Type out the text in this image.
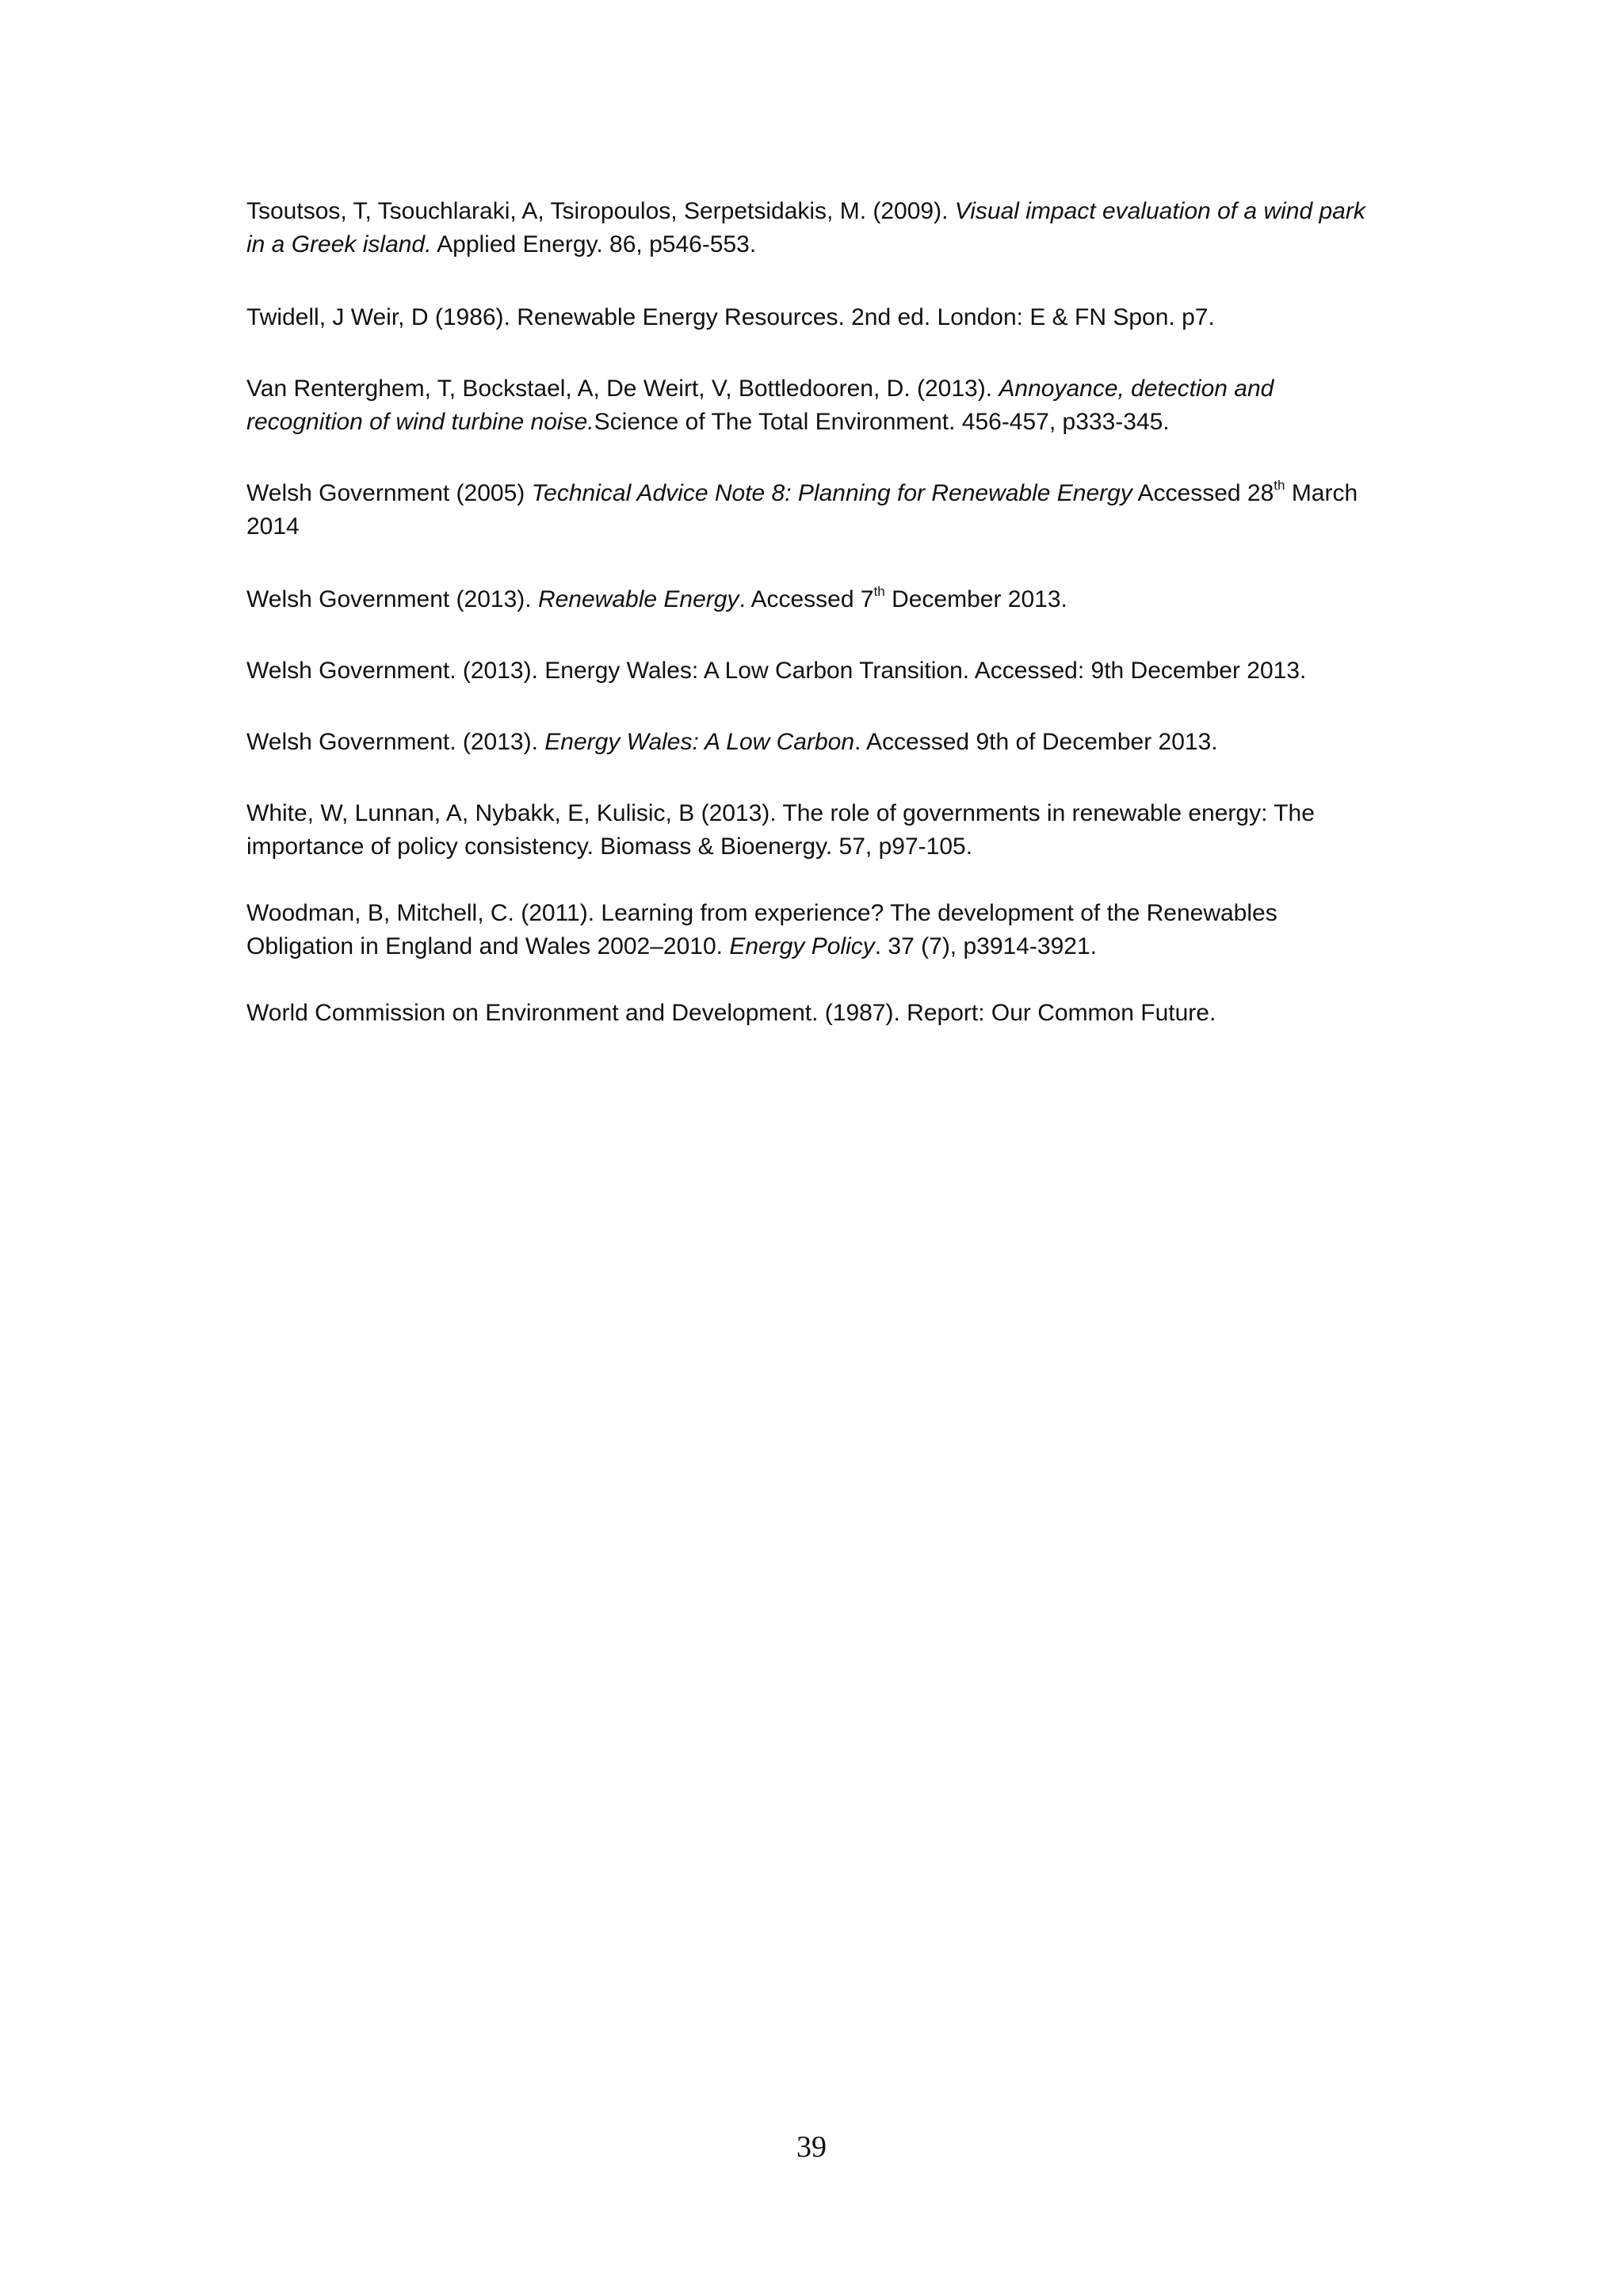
Tsoutsos, T, Tsouchlaraki, A, Tsiropoulos, Serpetsidakis, M. (2009). Visual impact evaluation of a wind park in a Greek island. Applied Energy. 86, p546-553.

Twidell, J Weir, D (1986). Renewable Energy Resources. 2nd ed. London: E & FN Spon. p7.

Van Renterghem, T, Bockstael, A, De Weirt, V, Bottledooren, D. (2013). Annoyance, detection and recognition of wind turbine noise.Science of The Total Environment. 456-457, p333-345.

Welsh Government (2005) Technical Advice Note 8: Planning for Renewable Energy Accessed 28th March 2014

Welsh Government (2013). Renewable Energy. Accessed 7th December 2013.

Welsh Government. (2013). Energy Wales: A Low Carbon Transition. Accessed: 9th December 2013.

Welsh Government. (2013). Energy Wales: A Low Carbon. Accessed 9th of December 2013.

White, W, Lunnan, A, Nybakk, E, Kulisic, B (2013). The role of governments in renewable energy: The importance of policy consistency. Biomass & Bioenergy. 57, p97-105.

Woodman, B, Mitchell, C. (2011). Learning from experience? The development of the Renewables Obligation in England and Wales 2002–2010. Energy Policy. 37 (7), p3914-3921.

World Commission on Environment and Development. (1987). Report: Our Common Future.

39
